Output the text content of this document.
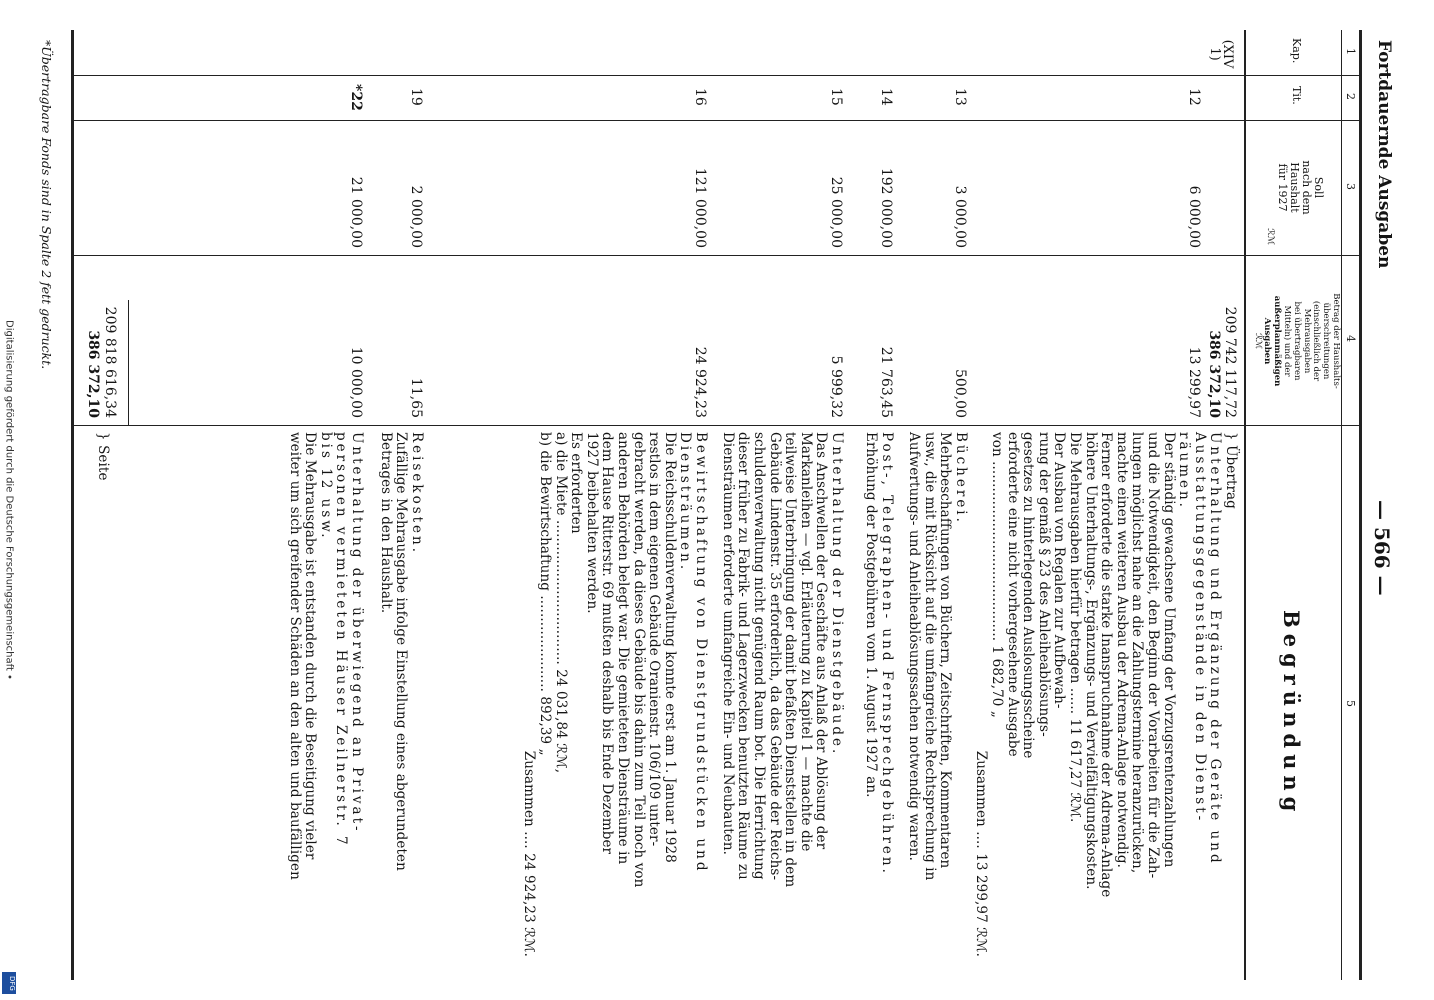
Digitalisierung gefördert durch die Deutsche Forschungsgemeinschaft •
DFG
Fortdauernde Ausgaben
— 566 —
1
2
3
4
5
Kap.
Tit.
Soll
nach dem
Haushalt
für 1927
ℛℳ
Betrag der Haushalts-
überschreitungen
(einschließlich der
Mehrausgaben
bei übertragbaren
Mitteln) und der
außerplanmäßigen
Ausgaben
ℛℳ
Begründung
(XIV 1)
12
6 000,00
209 742 117,72
386 372,10
13 299,97
} Übertrag
Unterhaltung und Ergänzung der Geräte und
Ausstattungsgegenstände in den Dienst-
räumen.
Der ständig gewachsene Umfang der Vorzugsrentenzahlungen
und die Notwendigkeit, den Beginn der Vorarbeiten für die Zah-
lungen möglichst nahe an die Zahlungstermine heranzurücken,
machte einen weiteren Ausbau der Adrema-Anlage notwendig.
Ferner erforderte die starke Inanspruchnahme der Adrema-Anlage
höhere Unterhaltungs-, Ergänzungs- und Vervielfältigungskosten.
Die Mehrausgaben hierfür betragen ...... 11 617,27 ℛℳ.
Der Ausbau von Regalen zur Aufbewah-
rung der gemäß § 23 des Anleiheablösungs-
gesetzes zu hinterlegenden Auslosungsscheine
erforderte eine nicht vorhergesehene Ausgabe
von ......................................... 1 682,70 „
Zusammen .... 13 299,97 ℛℳ.
13
3 000,00
500,00
Bücherei.
Mehrbeschaffungen von Büchern, Zeitschriften, Kommentaren
usw., die mit Rücksicht auf die umfangreiche Rechtsprechung in
Aufwertungs- und Anleiheablösungssachen notwendig waren.
14
192 000,00
21 763,45
Post-, Telegraphen- und Fernsprechgebühren.
Erhöhung der Postgebühren vom 1. August 1927 an.
15
25 000,00
5 999,32
Unterhaltung der Dienstgebäude.
Das Anschwellen der Geschäfte aus Anlaß der Ablösung der
Markanleihen — vgl. Erläuterung zu Kapitel 1 — machte die
teilweise Unterbringung der damit befaßten Dienststellen in dem
Gebäude Lindenstr. 35 erforderlich, da das Gebäude der Reichs-
schuldenverwaltung nicht genügend Raum bot. Die Herrichtung
dieser früher zu Fabrik- und Lagerzwecken benutzten Räume zu
Diensträumen erforderte umfangreiche Ein- und Neubauten.
16
121 000,00
24 924,23
Bewirtschaftung von Dienstgrundstücken und
Diensträumen.
Die Reichsschuldenverwaltung konnte erst am 1. Januar 1928
restlos in dem eigenen Gebäude Oranienstr. 106/109 unter-
gebracht werden, da dieses Gebäude bis dahin zum Teil noch von
anderen Behörden belegt war. Die gemieteten Diensträume in
dem Hause Ritterstr. 69 mußten deshalb bis Ende Dezember
1927 beibehalten werden.
Es erforderten
a) die Miete ................................. 24 031,84 ℛℳ,
b) die Bewirtschaftung ...................... 892,39 „
Zusammen .... 24 924,23 ℛℳ.
19
2 000,00
11,65
Reisekosten.
Zufällige Mehrausgabe infolge Einstellung eines abgerundeten
Betrages in den Haushalt.
*22
21 000,00
10 000,00
Unterhaltung der überwiegend an Privat-
personen vermieteten Häuser Zeilnerstr. 7
bis 12 usw.
Die Mehrausgabe ist entstanden durch die Beseitigung vieler
weiter um sich greifender Schäden an den alten und baufälligen
209 818 616,34
386 372,10
} Seite
*Übertragbare Fonds sind in Spalte 2 fett gedruckt.
